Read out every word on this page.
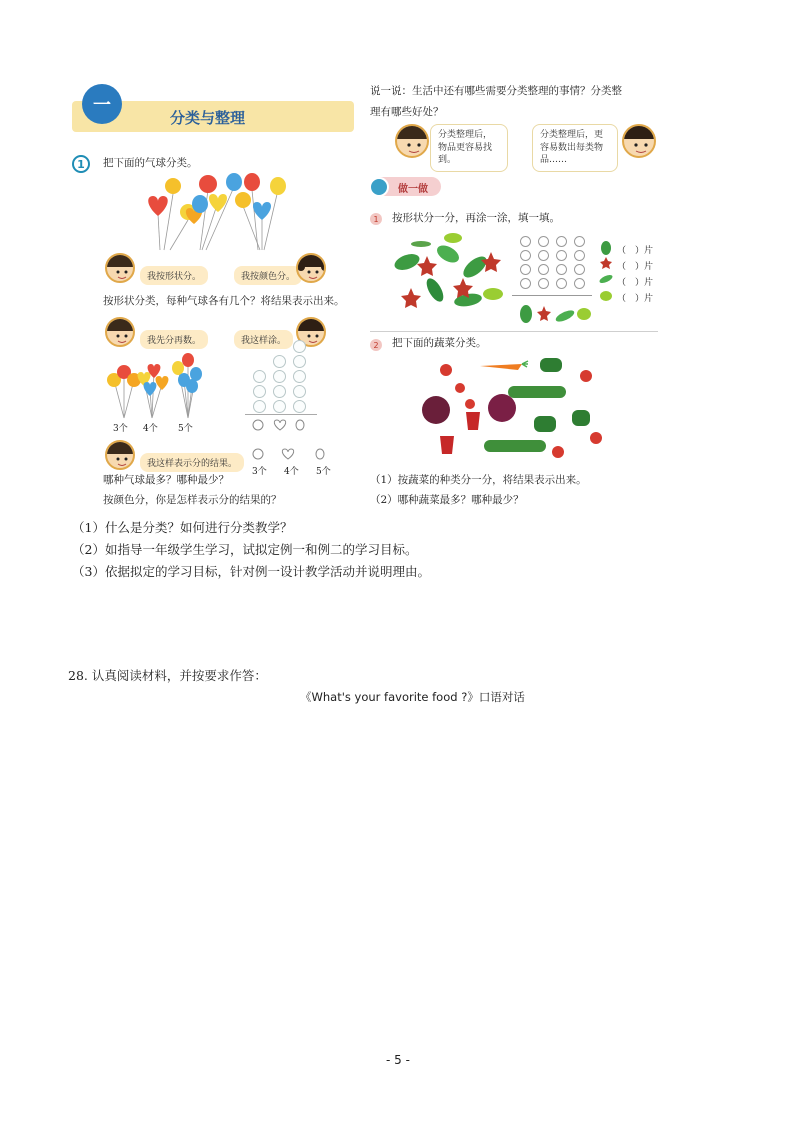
一
分类与整理
1	把下面的气球分类。
我按形状分。	我按颜色分。
按形状分类，每种气球各有几个？将结果表示出来。
我先分再数。	我这样涂。
3个 4个 5个
我这样表示分的结果。
3个 4个 5个
哪种气球最多？哪种最少？
按颜色分，你是怎样表示分的结果的？
说一说：生活中还有哪些需要分类整理的事情？分类整
理有哪些好处？
分类整理后，物品更容易找到。
分类整理后，更容易数出每类物品……
做一做
1	按形状分一分，再涂一涂，填一填。
（　）片
（　）片
（　）片
（　）片
2	把下面的蔬菜分类。
（1）按蔬菜的种类分一分，将结果表示出来。
（2）哪种蔬菜最多？哪种最少？
（1）什么是分类？如何进行分类教学？
（2）如指导一年级学生学习，试拟定例一和例二的学习目标。
（3）依据拟定的学习目标，针对例一设计教学活动并说明理由。
28. 认真阅读材料，并按要求作答：
《What's your favorite food ?》口语对话
- 5 -
